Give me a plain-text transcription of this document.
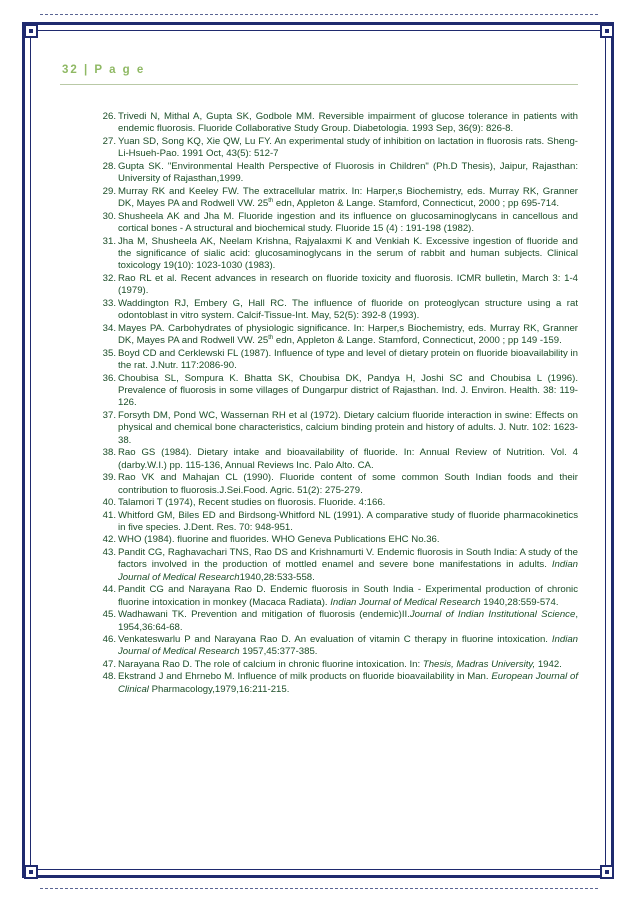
32 | P a g e
26. Trivedi N, Mithal A, Gupta SK, Godbole MM. Reversible impairment of glucose tolerance in patients with endemic fluorosis. Fluoride Collaborative Study Group. Diabetologia. 1993 Sep, 36(9): 826-8.
27. Yuan SD, Song KQ, Xie QW, Lu FY. An experimental study of inhibition on lactation in fluorosis rats. Sheng-Li-Hsueh-Pao. 1991 Oct, 43(5): 512-7
28. Gupta SK. "Environmental Health Perspective of Fluorosis in Children" (Ph.D Thesis), Jaipur, Rajasthan: University of Rajasthan,1999.
29. Murray RK and Keeley FW. The extracellular matrix. In: Harper,s Biochemistry, eds. Murray RK, Granner DK, Mayes PA and Rodwell VW. 25th edn, Appleton & Lange. Stamford, Connecticut, 2000 ; pp 695-714.
30. Shusheela AK and Jha M. Fluoride ingestion and its influence on glucosaminoglycans in cancellous and cortical bones - A structural and biochemical study. Fluoride 15 (4) : 191-198 (1982).
31. Jha M, Shusheela AK, Neelam Krishna, Rajyalaxmi K and Venkiah K. Excessive ingestion of fluoride and the significance of sialic acid: glucosaminoglycans in the serum of rabbit and human subjects. Clinical toxicology 19(10): 1023-1030 (1983).
32. Rao RL et al. Recent advances in research on fluoride toxicity and fluorosis. ICMR bulletin, March 3: 1-4 (1979).
33. Waddington RJ, Embery G, Hall RC. The influence of fluoride on proteoglycan structure using a rat odontoblast in vitro system. Calcif-Tissue-Int. May, 52(5): 392-8 (1993).
34. Mayes PA. Carbohydrates of physiologic significance. In: Harper,s Biochemistry, eds. Murray RK, Granner DK, Mayes PA and Rodwell VW. 25th edn, Appleton & Lange. Stamford, Connecticut, 2000 ; pp 149 -159.
35. Boyd CD and Cerklewski FL (1987). Influence of type and level of dietary protein on fluoride bioavailability in the rat. J.Nutr. 117:2086-90.
36. Choubisa SL, Sompura K. Bhatta SK, Choubisa DK, Pandya H, Joshi SC and Choubisa L (1996). Prevalence of fluorosis in some villages of Dungarpur district of Rajasthan. Ind. J. Environ. Health. 38: 119-126.
37. Forsyth DM, Pond WC, Wassernan RH et al (1972). Dietary calcium fluoride interaction in swine: Effects on physical and chemical bone characteristics, calcium binding protein and history of adults. J. Nutr. 102: 1623-38.
38. Rao GS (1984). Dietary intake and bioavailability of fluoride. In: Annual Review of Nutrition. Vol. 4 (darby.W.I.) pp. 115-136, Annual Reviews Inc. Palo Alto. CA.
39. Rao VK and Mahajan CL (1990). Fluoride content of some common South Indian foods and their contribution to fluorosis.J.Sei.Food. Agric. 51(2): 275-279.
40. Talamori T (1974), Recent studies on fluorosis. Fluoride. 4:166.
41. Whitford GM, Biles ED and Birdsong-Whitford NL (1991). A comparative study of fluoride pharmacokinetics in five species. J.Dent. Res. 70: 948-951.
42. WHO (1984). fluorine and fluorides. WHO Geneva Publications EHC No.36.
43. Pandit CG, Raghavachari TNS, Rao DS and Krishnamurti V. Endemic fluorosis in South India: A study of the factors involved in the production of mottled enamel and severe bone manifestations in adults. Indian Journal of Medical Research1940,28:533-558.
44. Pandit CG and Narayana Rao D. Endemic fluorosis in South India - Experimental production of chronic fluorine intoxication in monkey (Macaca Radiata). Indian Journal of Medical Research 1940,28:559-574.
45. Wadhawani TK. Prevention and mitigation of fluorosis (endemic)II.Journal of Indian Institutional Science, 1954,36:64-68.
46. Venkateswarlu P and Narayana Rao D. An evaluation of vitamin C therapy in fluorine intoxication. Indian Journal of Medical Research 1957,45:377-385.
47. Narayana Rao D. The role of calcium in chronic fluorine intoxication. In: Thesis, Madras University, 1942.
48. Ekstrand J and Ehrnebo M. Influence of milk products on fluoride bioavailability in Man. European Journal of Clinical Pharmacology,1979,16:211-215.
